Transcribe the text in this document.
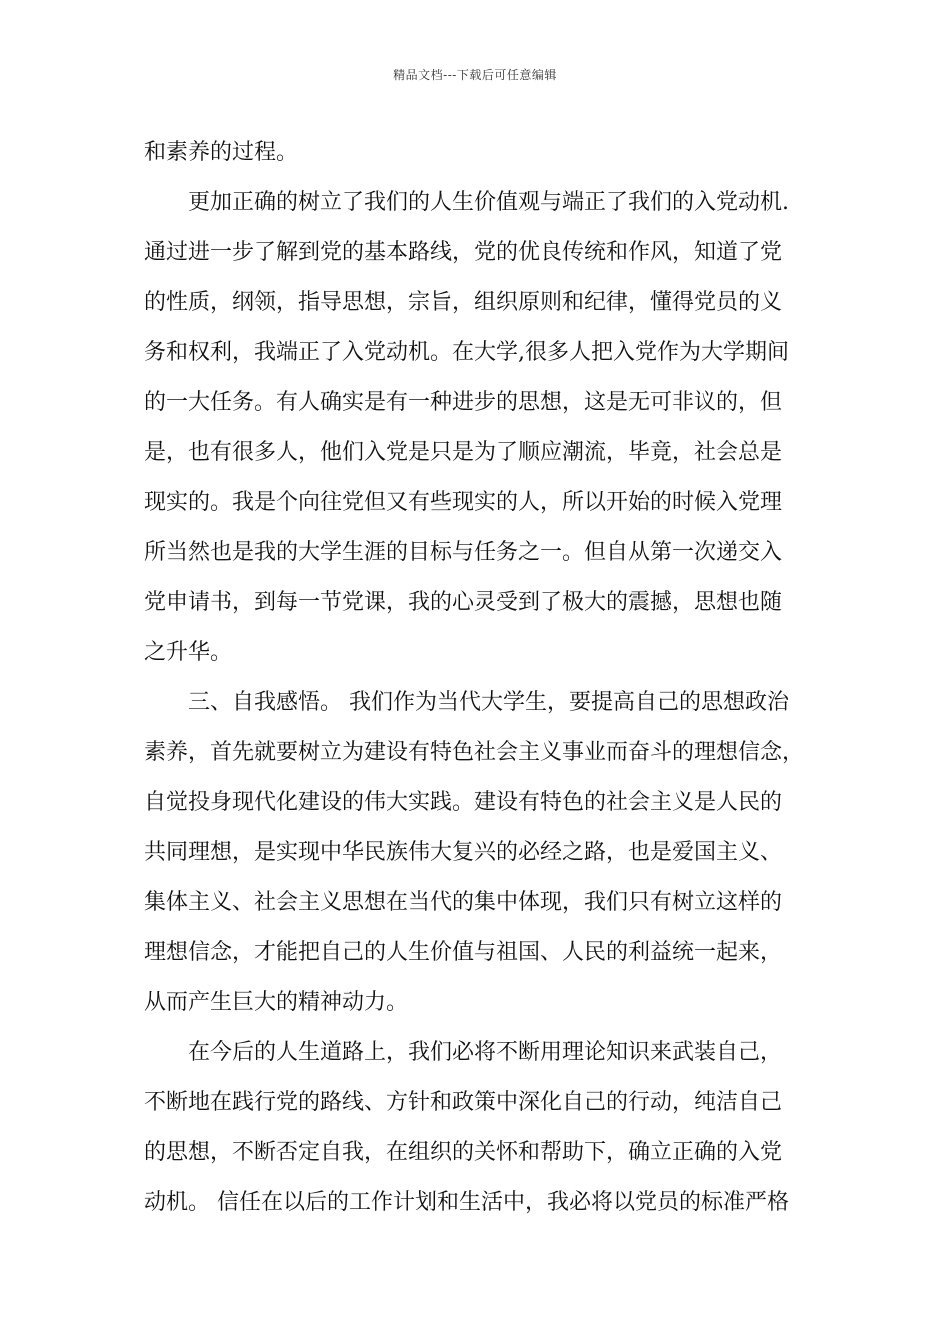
精品文档---下载后可任意编辑
和素养的过程。
更加正确的树立了我们的人生价值观与端正了我们的入党动机.
通过进一步了解到党的基本路线，党的优良传统和作风，知道了党
的性质，纲领，指导思想，宗旨，组织原则和纪律，懂得党员的义
务和权利，我端正了入党动机。在大学,很多人把入党作为大学期间
的一大任务。有人确实是有一种进步的思想，这是无可非议的，但
是，也有很多人，他们入党是只是为了顺应潮流，毕竟，社会总是
现实的。我是个向往党但又有些现实的人，所以开始的时候入党理
所当然也是我的大学生涯的目标与任务之一。但自从第一次递交入
党申请书，到每一节党课，我的心灵受到了极大的震撼，思想也随
之升华。
三、自我感悟。 我们作为当代大学生，要提高自己的思想政治
素养，首先就要树立为建设有特色社会主义事业而奋斗的理想信念，
自觉投身现代化建设的伟大实践。建设有特色的社会主义是人民的
共同理想，是实现中华民族伟大复兴的必经之路，也是爱国主义、
集体主义、社会主义思想在当代的集中体现，我们只有树立这样的
理想信念，才能把自己的人生价值与祖国、人民的利益统一起来，
从而产生巨大的精神动力。
在今后的人生道路上，我们必将不断用理论知识来武装自己，
不断地在践行党的路线、方针和政策中深化自己的行动，纯洁自己
的思想，不断否定自我，在组织的关怀和帮助下，确立正确的入党
动机。 信任在以后的工作计划和生活中，我必将以党员的标准严格
